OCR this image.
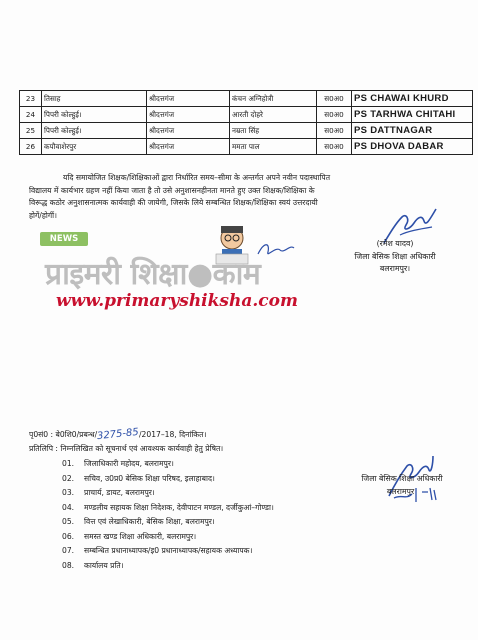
23	तिसाह	श्रीदत्तगंज	कंचन अग्निहोत्री	स0अ0	PS CHAWAI KHURD
24	पिपरी कोल्हुई।	श्रीदत्तगंज	आरती दोहरे	स0अ0	PS TARHWA CHITAHI
25	पिपरी कोल्हुई।	श्रीदत्तगंज	नम्रता सिंह	स0अ0	PS DATTNAGAR
26	कपौवाशेरपुर	श्रीदत्तगंज	ममता पाल	स0अ0	PS DHOVA DABAR
यदि समायोजित शिक्षक/शिक्षिकाओं द्वारा निर्धारित समय–सीमा के अन्तर्गत अपने नवीन पदास्थापित
विद्यालय में कार्यभार ग्रहण नहीं किया जाता है तो उसे अनुशासनहीनता मानते हुए उक्त शिक्षक/शिक्षिका के
विरूद्ध कठोर अनुशासनात्मक कार्यवाही की जायेगी, जिसके लिये सम्बन्धित शिक्षक/शिक्षिका स्वयं उत्तरदायी
होगें/होगीं।
(रमेश यादव)
जिला बेसिक शिक्षा अधिकारी
बलरामपुर।
NEWS
प्राइमरी शिक्षा●काम
www.primaryshiksha.com
पृ0सं0 : बे0शि0/प्रबन्ध/3275-85/2017–18, दिनांकित।
प्रतिलिपि : निम्नलिखित को सूचनार्थ एवं आवश्यक कार्यवाही हेतु प्रेषित।
01. जिलाधिकारी महोदय, बलरामपुर।
02. सचिव, उ0प्र0 बेसिक शिक्षा परिषद, इलाहाबाद।
03. प्राचार्य, डायट, बलरामपुर।
04. मण्डलीय सहायक शिक्षा निदेशक, देवीपाटन मण्डल, दर्जीकुआं–गोण्डा।
05. वित्त एवं लेखाधिकारी, बेसिक शिक्षा, बलरामपुर।
06. समस्त खण्ड शिक्षा अधिकारी, बलरामपुर।
07. सम्बन्धित प्रधानाध्यापक/इ0 प्रधानाध्यापक/सहायक अध्यापक।
08. कार्यालय प्रति।
जिला बेसिक शिक्षा अधिकारी
बलरामपुर।
